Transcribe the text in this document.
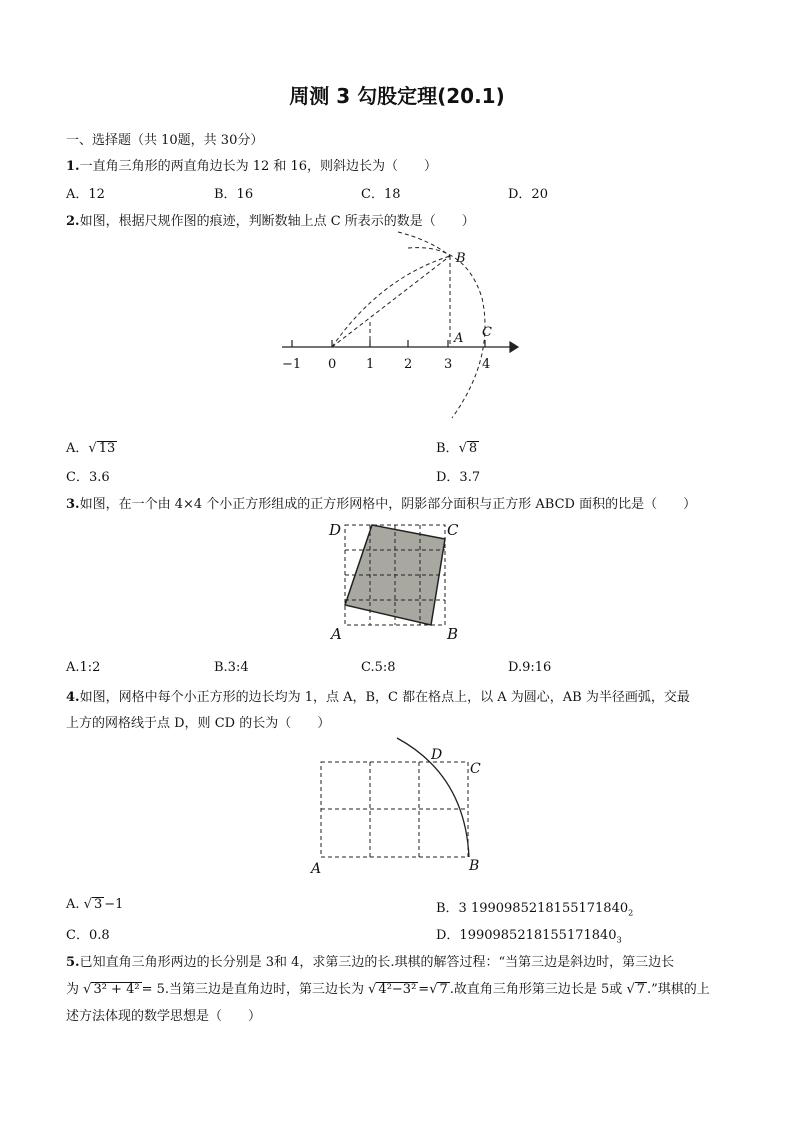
周测 3 勾股定理(20.1)
一、选择题（共 10题，共 30分）
1.一直角三角形的两直角边长为 12 和 16，则斜边长为（　　）
A．12	B．16	C．18	D．20
2.如图，根据尺规作图的痕迹，判断数轴上点 C 所表示的数是（　　）
−1 0 1 2 3 4
A
B
C
A．√ 13	B．√ 8
C．3.6	D．3.7
3.如图，在一个由 4×4 个小正方形组成的正方形网格中，阴影部分面积与正方形 ABCD 面积的比是（　　）
D	C
A	B
A.1:2	B.3:4	C.5:8	D.9:16
4.如图，网格中每个小正方形的边长均为 1，点 A，B，C 都在格点上，以 A 为圆心，AB 为半径画弧，交最
上方的网格线于点 D，则 CD 的长为（　　）
D
C
A	B
A. √ 3 −1	B．3 $1990985218155171840_2$
C．0.8	D．$1990985218155171840_3$
5.已知直角三角形两边的长分别是 3和 4，求第三边的长.琪棋的解答过程：“当第三边是斜边时，第三边长
为 √ 3² + 4² = 5.当第三边是直角边时，第三边长为 √ 4²−3² =√ 7 .故直角三角形第三边长是 5或 √ 7 .”琪棋的上
述方法体现的数学思想是（　　）
